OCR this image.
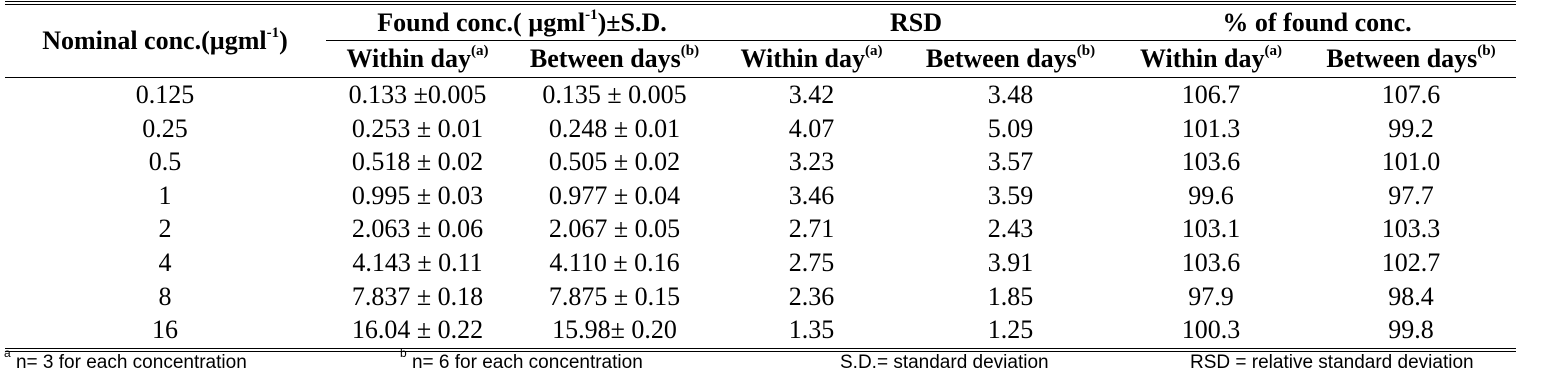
Nominal conc.(µgml$^{-1}$)
Found conc.( µgml$^{-1}$)±S.D.	RSD	% of found conc.
Within day$^{(a)}$	Between days$^{(b)}$	Within day$^{(a)}$	Between days$^{(b)}$	Within day$^{(a)}$	Between days$^{(b)}$
0.125	0.133 ±0.005	0.135 ± 0.005	3.42	3.48	106.7	107.6
0.25	0.253 ± 0.01	0.248 ± 0.01	4.07	5.09	101.3	99.2
0.5	0.518 ± 0.02	0.505 ± 0.02	3.23	3.57	103.6	101.0
1	0.995 ± 0.03	0.977 ± 0.04	3.46	3.59	99.6	97.7
2	2.063 ± 0.06	2.067 ± 0.05	2.71	2.43	103.1	103.3
4	4.143 ± 0.11	4.110 ± 0.16	2.75	3.91	103.6	102.7
8	7.837 ± 0.18	7.875 ± 0.15	2.36	1.85	97.9	98.4
16	16.04 ± 0.22	15.98± 0.20	1.35	1.25	100.3	99.8
$^a$ n= 3 for each concentration	$^b$ n= 6 for each concentration	S.D.= standard deviation	RSD = relative standard deviation
